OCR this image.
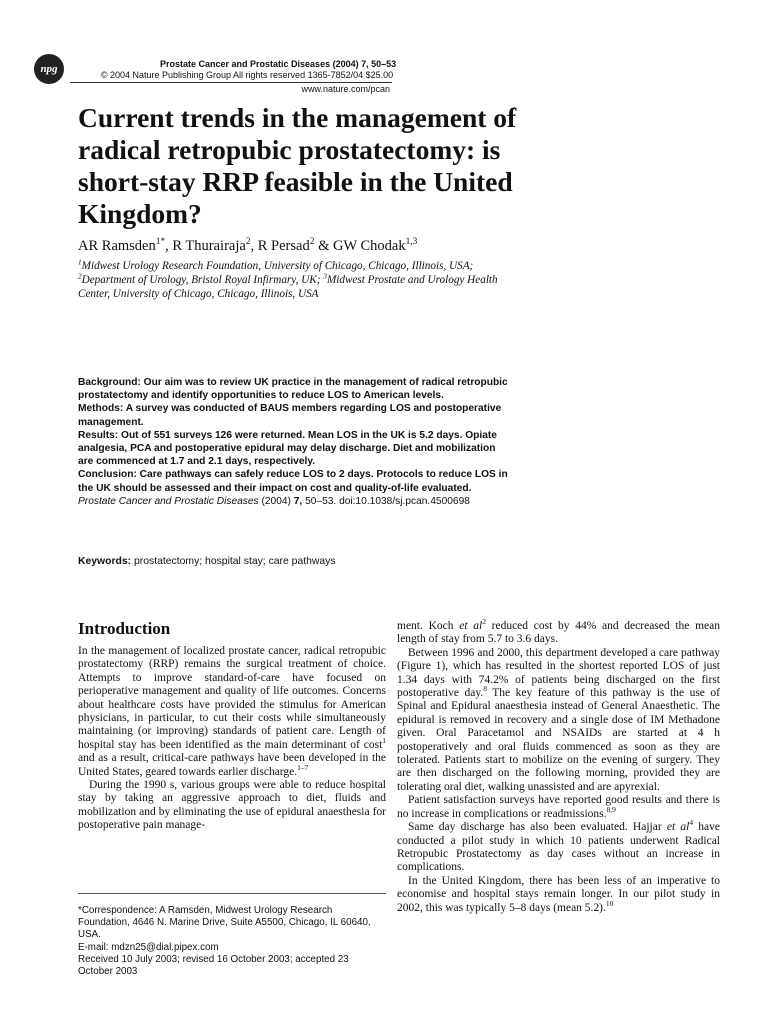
npg	Prostate Cancer and Prostatic Diseases (2004) 7, 50–53
© 2004 Nature Publishing Group All rights reserved 1365-7852/04 $25.00
www.nature.com/pcan
Current trends in the management of radical retropubic prostatectomy: is short-stay RRP feasible in the United Kingdom?
AR Ramsden$^{1*}$, R Thurairaja$^2$, R Persad$^2$ & GW Chodak$^{1,3}$
$^1$Midwest Urology Research Foundation, University of Chicago, Chicago, Illinois, USA;
$^2$Department of Urology, Bristol Royal Infirmary, UK; $^3$Midwest Prostate and Urology Health Center, University of Chicago, Chicago, Illinois, USA
Background: Our aim was to review UK practice in the management of radical retropubic prostatectomy and identify opportunities to reduce LOS to American levels.
Methods: A survey was conducted of BAUS members regarding LOS and postoperative management.
Results: Out of 551 surveys 126 were returned. Mean LOS in the UK is 5.2 days. Opiate analgesia, PCA and postoperative epidural may delay discharge. Diet and mobilization are commenced at 1.7 and 2.1 days, respectively.
Conclusion: Care pathways can safely reduce LOS to 2 days. Protocols to reduce LOS in the UK should be assessed and their impact on cost and quality-of-life evaluated.
Prostate Cancer and Prostatic Diseases (2004) 7, 50–53. doi:10.1038/sj.pcan.4500698
Keywords: prostatectomy; hospital stay; care pathways
Introduction

In the management of localized prostate cancer, radical retropubic prostatectomy (RRP) remains the surgical treatment of choice. Attempts to improve standard-of-care have focused on perioperative management and quality of life outcomes. Concerns about healthcare costs have provided the stimulus for American physicians, in particular, to cut their costs while simultaneously maintaining (or improving) standards of patient care. Length of hospital stay has been identified as the main determinant of cost$^1$ and as a result, critical-care pathways have been developed in the United States, geared towards earlier discharge.$^{1-7}$

During the 1990 s, various groups were able to reduce hospital stay by taking an aggressive approach to diet, fluids and mobilization and by eliminating the use of epidural anaesthesia for postoperative pain manage-

*Correspondence: A Ramsden, Midwest Urology Research Foundation, 4646 N. Marine Drive, Suite A5500, Chicago, IL 60640, USA.
E-mail: mdzn25@dial.pipex.com
Received 10 July 2003; revised 16 October 2003; accepted 23 October 2003

ment. Koch et $al^2$ reduced cost by 44% and decreased the mean length of stay from 5.7 to 3.6 days.

Between 1996 and 2000, this department developed a care pathway (Figure 1), which has resulted in the shortest reported LOS of just 1.34 days with 74.2% of patients being discharged on the first postoperative day.$^8$ The key feature of this pathway is the use of Spinal and Epidural anaesthesia instead of General Anaesthetic. The epidural is removed in recovery and a single dose of IM Methadone given. Oral Paracetamol and NSAIDs are started at 4 h postoperatively and oral fluids commenced as soon as they are tolerated. Patients start to mobilize on the evening of surgery. They are then discharged on the following morning, provided they are tolerating oral diet, walking unassisted and are apyrexial.

Patient satisfaction surveys have reported good results and there is no increase in complications or readmissions.$^{8,9}$

Same day discharge has also been evaluated. Hajjar et $al^4$ have conducted a pilot study in which 10 patients underwent Radical Retropubic Prostatectomy as day cases without an increase in complications.

In the United Kingdom, there has been less of an imperative to economise and hospital stays remain longer. In our pilot study in 2002, this was typically 5–8 days (mean 5.2).$^{10}$
